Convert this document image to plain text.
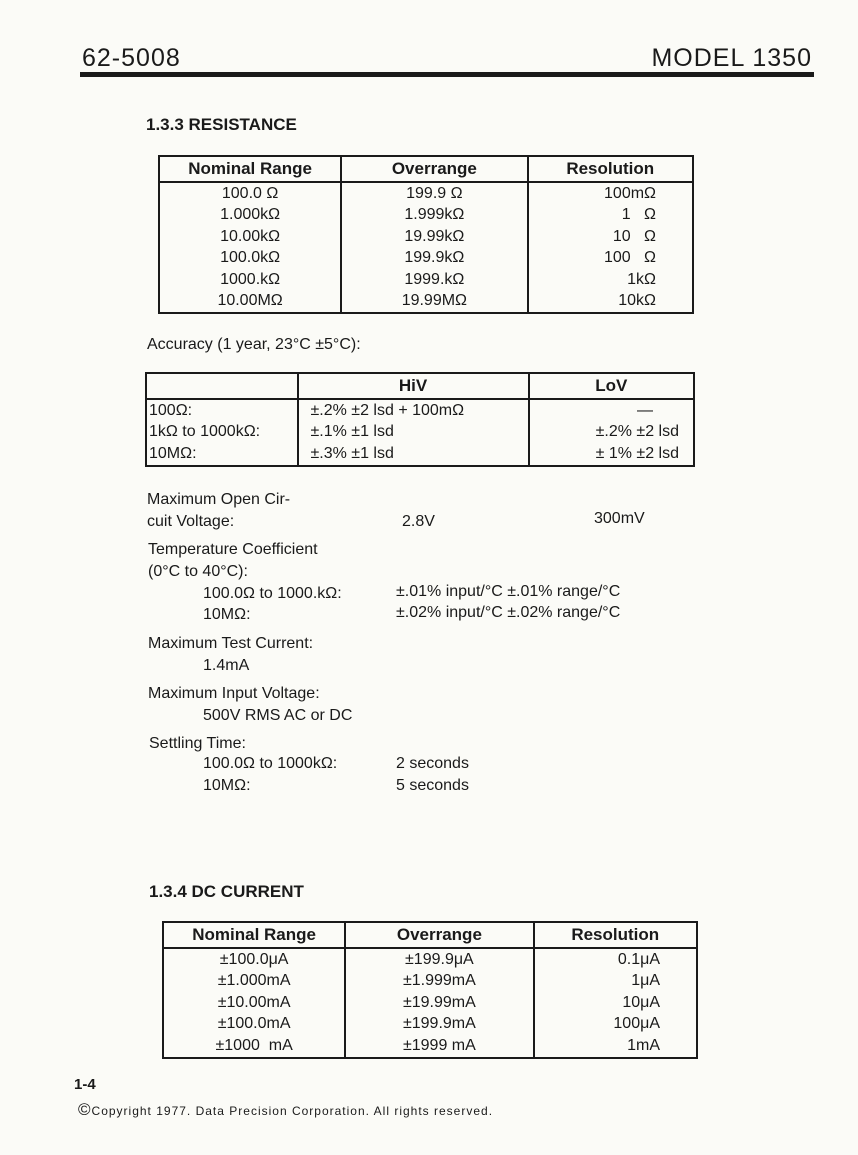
62-5008	MODEL 1350
1.3.3 RESISTANCE
Nominal Range	Overrange	Resolution
100.0 Ω	199.9 Ω	100mΩ
1.000kΩ	1.999kΩ	1   Ω
10.00kΩ	19.99kΩ	10   Ω
100.0kΩ	199.9kΩ	100   Ω
1000.kΩ	1999.kΩ	1kΩ
10.00MΩ	19.99MΩ	10kΩ
Accuracy (1 year, 23°C ±5°C):
	HiV	LoV
100Ω:	±.2% ±2 lsd + 100mΩ	—
1kΩ to 1000kΩ:	±.1% ±1 lsd	±.2% ±2 lsd
10MΩ:	±.3% ±1 lsd	± 1% ±2 lsd
Maximum Open Cir-
cuit Voltage:	2.8V	300mV
Temperature Coefficient
(0°C to 40°C):
100.0Ω to 1000.kΩ:	±.01% input/°C ±.01% range/°C
10MΩ:	±.02% input/°C ±.02% range/°C
Maximum Test Current:
1.4mA
Maximum Input Voltage:
500V RMS AC or DC
Settling Time:
100.0Ω to 1000kΩ:	2 seconds
10MΩ:	5 seconds
1.3.4 DC CURRENT
Nominal Range	Overrange	Resolution
±100.0μA	±199.9μA	0.1μA
±1.000mA	±1.999mA	1μA
±10.00mA	±19.99mA	10μA
±100.0mA	±199.9mA	100μA
±1000  mA	±1999 mA	1mA
1-4
©Copyright 1977. Data Precision Corporation. All rights reserved.
